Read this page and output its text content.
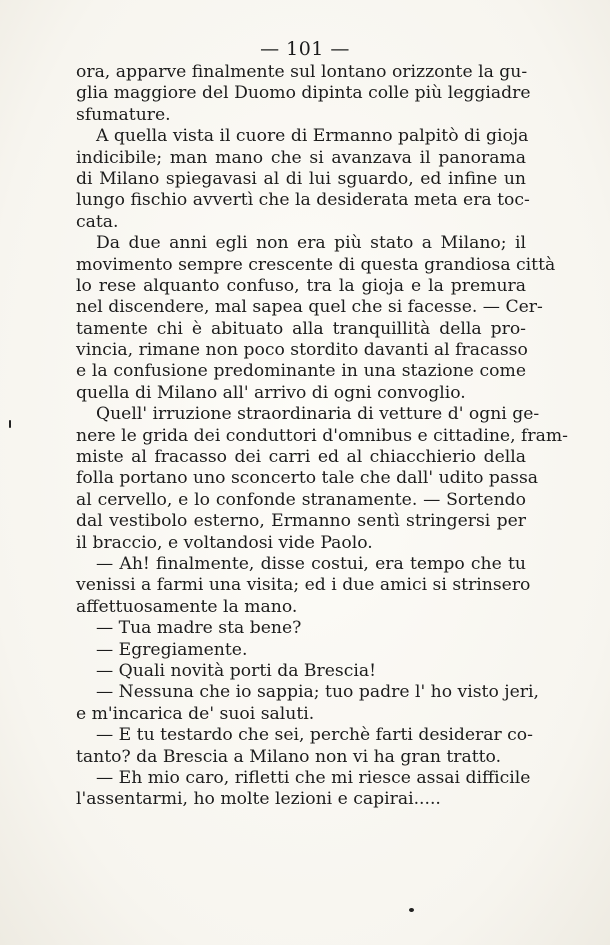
— 101 —
ora, apparve finalmente sul lontano orizzonte la gu-
glia maggiore del Duomo dipinta colle più leggiadre
sfumature.
A quella vista il cuore di Ermanno palpitò di gioja
indicibile; man mano che si avanzava il panorama
di Milano spiegavasi al di lui sguardo, ed infine un
lungo fischio avvertì che la desiderata meta era toc-
cata.
Da due anni egli non era più stato a Milano; il
movimento sempre crescente di questa grandiosa città
lo rese alquanto confuso, tra la gioja e la premura
nel discendere, mal sapea quel che si facesse. — Cer-
tamente chi è abituato alla tranquillità della pro-
vincia, rimane non poco stordito davanti al fracasso
e la confusione predominante in una stazione come
quella di Milano all' arrivo di ogni convoglio.
Quell' irruzione straordinaria di vetture d' ogni ge-
nere le grida dei conduttori d'omnibus e cittadine, fram-
miste al fracasso dei carri ed al chiacchierio della
folla portano uno sconcerto tale che dall' udito passa
al cervello, e lo confonde stranamente. — Sortendo
dal vestibolo esterno, Ermanno sentì stringersi per
il braccio, e voltandosi vide Paolo.
— Ah! finalmente, disse costui, era tempo che tu
venissi a farmi una visita; ed i due amici si strinsero
affettuosamente la mano.
— Tua madre sta bene?
— Egregiamente.
— Quali novità porti da Brescia!
— Nessuna che io sappia; tuo padre l' ho visto jeri,
e m'incarica de' suoi saluti.
— E tu testardo che sei, perchè farti desiderar co-
tanto? da Brescia a Milano non vi ha gran tratto.
— Eh mio caro, rifletti che mi riesce assai difficile
l'assentarmi, ho molte lezioni e capirai.....
